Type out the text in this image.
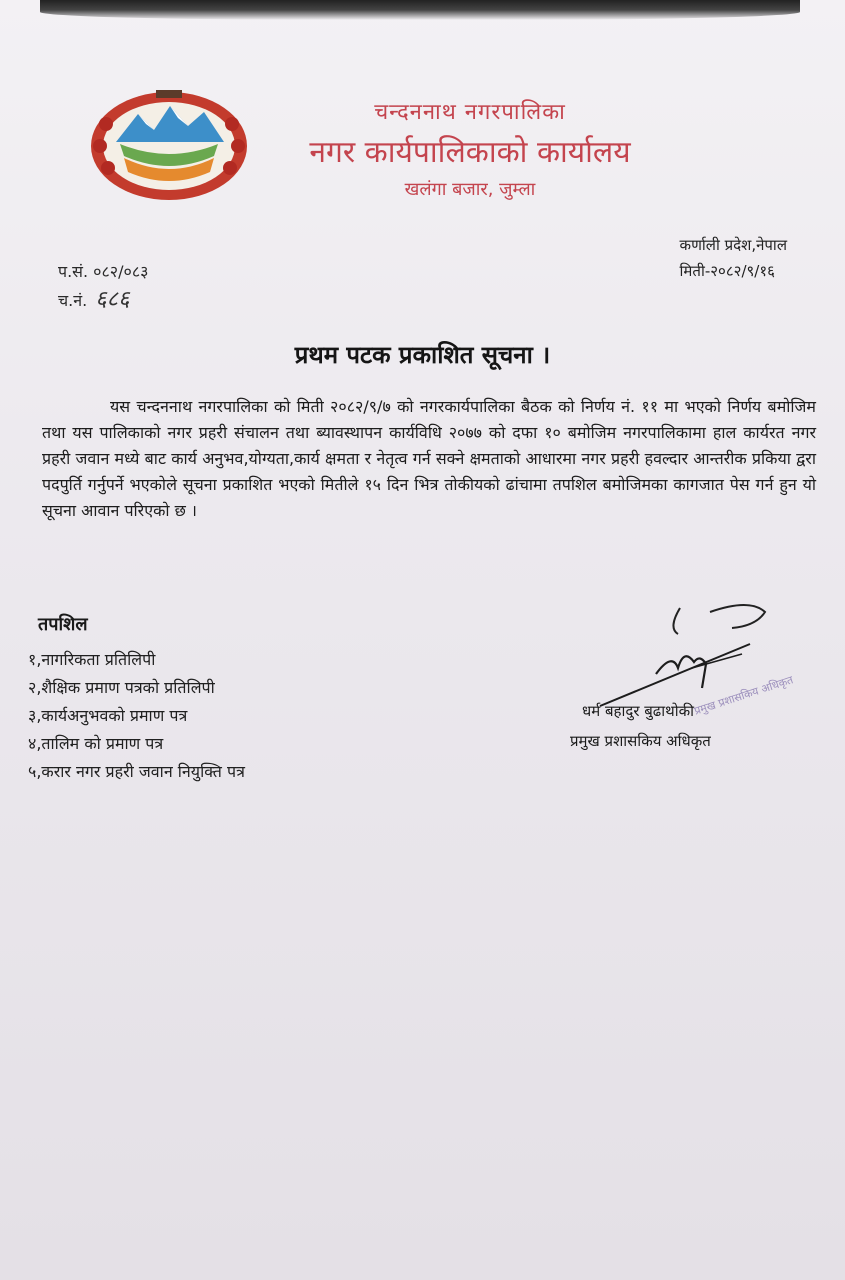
चन्दननाथ नगरपालिका
नगर कार्यपालिकाको कार्यालय
खलंगा बजार, जुम्ला
कर्णाली प्रदेश,नेपाल
मिती-२०८२/९/१६
प.सं. ०८२/०८३
च.नं. ६८६
प्रथम पटक प्रकाशित सूचना ।
यस चन्दननाथ नगरपालिका को मिती २०८२/९/७ को नगरकार्यपालिका बैठक को निर्णय नं. ११ मा भएको निर्णय बमोजिम तथा यस पालिकाको नगर प्रहरी संचालन तथा ब्यावस्थापन कार्यविधि २०७७ को दफा १० बमोजिम नगरपालिकामा हाल कार्यरत नगर प्रहरी जवान मध्ये बाट कार्य अनुभव,योग्यता,कार्य क्षमता र नेतृत्व गर्न सक्ने क्षमताको आधारमा नगर प्रहरी हवल्दार आन्तरीक प्रकिया द्वरा पदपुर्ति गर्नुपर्ने भएकोले सूचना प्रकाशित भएको मितीले १५ दिन भित्र तोकीयको ढांचामा तपशिल बमोजिमका कागजात पेस गर्न हुन यो सूचना आवान परिएको छ ।
तपशिल
१,नागरिकता प्रतिलिपी
२,शैक्षिक प्रमाण पत्रको प्रतिलिपी
३,कार्यअनुभवको प्रमाण पत्र
४,तालिम को प्रमाण पत्र
५,करार नगर प्रहरी जवान नियुक्ति पत्र
प्रमुख प्रशासकिय अधिकृत
धर्म बहादुर बुढाथोकी
प्रमुख प्रशासकिय अधिकृत
